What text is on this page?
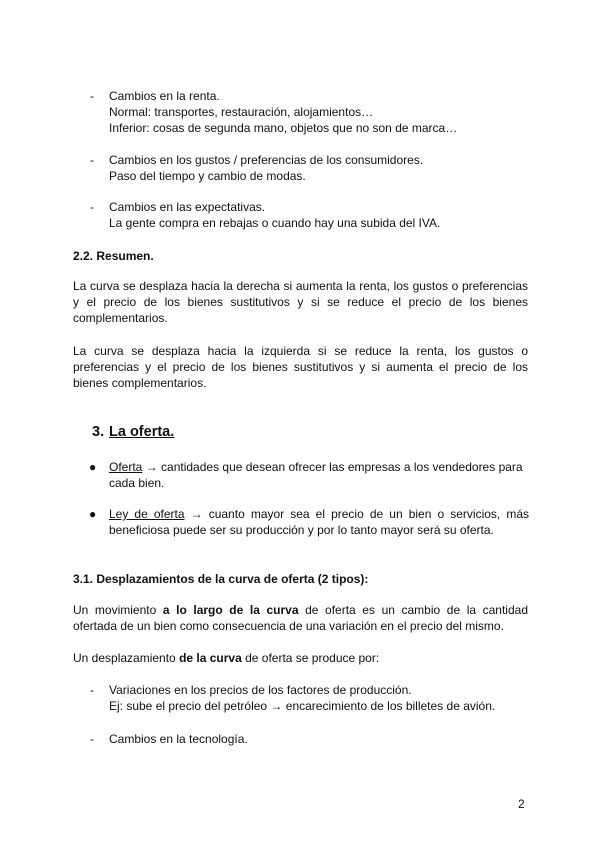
- Cambios en la renta.
Normal: transportes, restauración, alojamientos…
Inferior: cosas de segunda mano, objetos que no son de marca…
- Cambios en los gustos / preferencias de los consumidores.
Paso del tiempo y cambio de modas.
- Cambios en las expectativas.
La gente compra en rebajas o cuando hay una subida del IVA.
2.2. Resumen.
La curva se desplaza hacia la derecha si aumenta la renta, los gustos o preferencias
y el precio de los bienes sustitutivos y si se reduce el precio de los bienes
complementarios.
La curva se desplaza hacia la izquierda si se reduce la renta, los gustos o
preferencias y el precio de los bienes sustitutivos y si aumenta el precio de los
bienes complementarios.
3. La oferta.
● Oferta → cantidades que desean ofrecer las empresas a los vendedores para
cada bien.
● Ley de oferta → cuanto mayor sea el precio de un bien o servicios, más
beneficiosa puede ser su producción y por lo tanto mayor será su oferta.
3.1. Desplazamientos de la curva de oferta (2 tipos):
Un movimiento a lo largo de la curva de oferta es un cambio de la cantidad
ofertada de un bien como consecuencia de una variación en el precio del mismo.
Un desplazamiento de la curva de oferta se produce por:
- Variaciones en los precios de los factores de producción.
Ej: sube el precio del petróleo → encarecimiento de los billetes de avión.
- Cambios en la tecnología.
2
